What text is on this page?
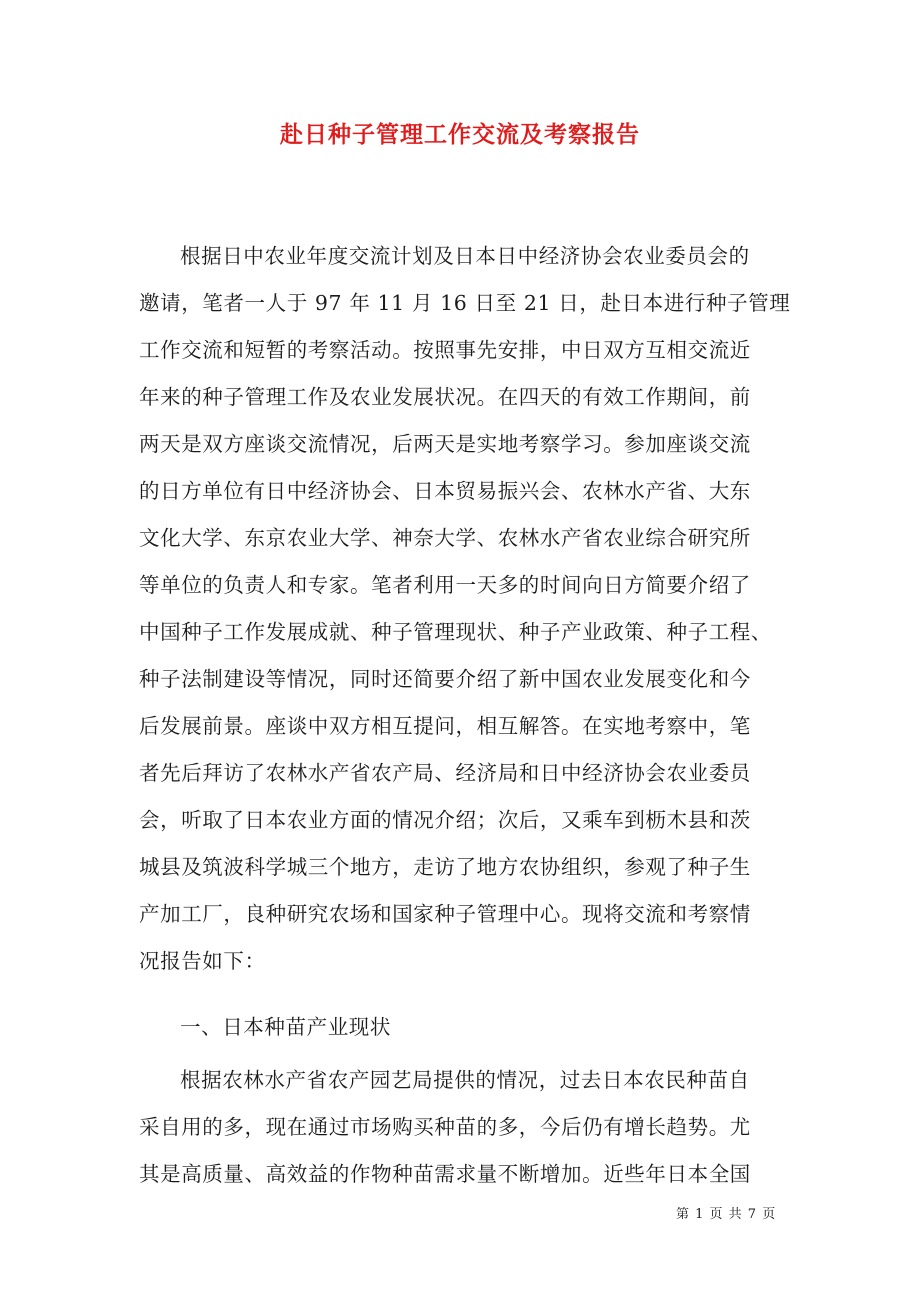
赴日种子管理工作交流及考察报告
根据日中农业年度交流计划及日本日中经济协会农业委员会的
邀请，笔者一人于 97 年 11 月 16 日至 21 日，赴日本进行种子管理
工作交流和短暂的考察活动。按照事先安排，中日双方互相交流近
年来的种子管理工作及农业发展状况。在四天的有效工作期间，前
两天是双方座谈交流情况，后两天是实地考察学习。参加座谈交流
的日方单位有日中经济协会、日本贸易振兴会、农林水产省、大东
文化大学、东京农业大学、神奈大学、农林水产省农业综合研究所
等单位的负责人和专家。笔者利用一天多的时间向日方简要介绍了
中国种子工作发展成就、种子管理现状、种子产业政策、种子工程、
种子法制建设等情况，同时还简要介绍了新中国农业发展变化和今
后发展前景。座谈中双方相互提问，相互解答。在实地考察中，笔
者先后拜访了农林水产省农产局、经济局和日中经济协会农业委员
会，听取了日本农业方面的情况介绍；次后，又乘车到枥木县和茨
城县及筑波科学城三个地方，走访了地方农协组织，参观了种子生
产加工厂，良种研究农场和国家种子管理中心。现将交流和考察情
况报告如下：
一、日本种苗产业现状
根据农林水产省农产园艺局提供的情况，过去日本农民种苗自
采自用的多，现在通过市场购买种苗的多，今后仍有增长趋势。尤
其是高质量、高效益的作物种苗需求量不断增加。近些年日本全国
第 1 页 共 7 页
